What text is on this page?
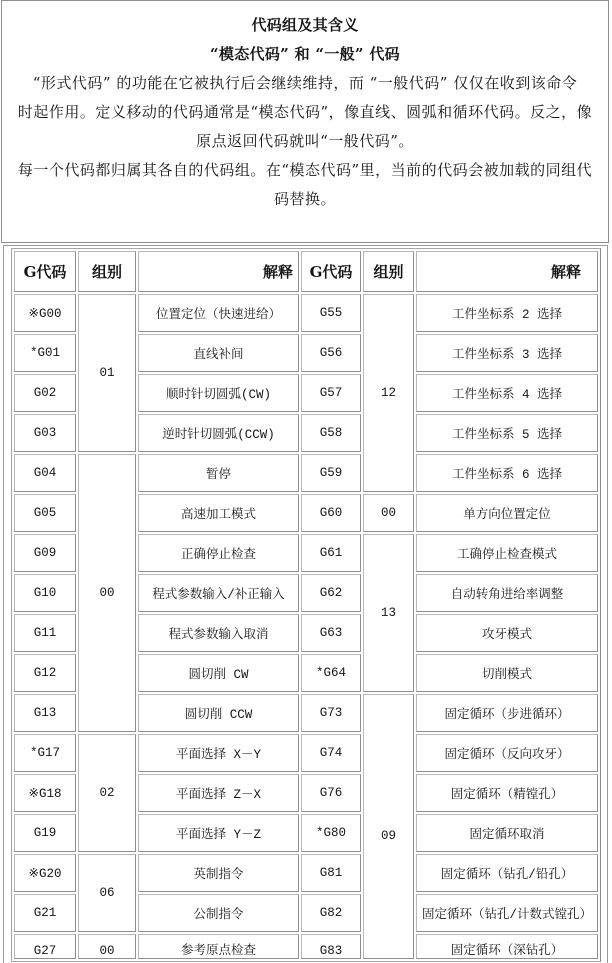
代码组及其含义
“模态代码” 和 “一般” 代码
“形式代码” 的功能在它被执行后会继续维持，而 “一般代码” 仅仅在收到该命令
时起作用。定义移动的代码通常是“模态代码”，像直线、圆弧和循环代码。反之，像
原点返回代码就叫“一般代码”。
每一个代码都归属其各自的代码组。在“模态代码”里，当前的代码会被加载的同组代
码替换。
G代码	组别	解释	G代码	组别	解释
※G00	01	位置定位（快速进给）	G55	12	工件坐标系 2 选择
*G01		直线补间	G56		工件坐标系 3 选择
G02		顺时针切圆弧(CW)	G57		工件坐标系 4 选择
G03		逆时针切圆弧(CCW)	G58		工件坐标系 5 选择
G04	00	暂停	G59		工件坐标系 6 选择
G05		高速加工模式	G60	00	单方向位置定位
G09		正确停止检查	G61	13	工确停止检查模式
G10		程式参数输入/补正输入	G62		自动转角进给率调整
G11		程式参数输入取消	G63		攻牙模式
G12		圆切削 CW	*G64		切削模式
G13		圆切削 CCW	G73	09	固定循环（步进循环）
*G17	02	平面选择 X－Y	G74		固定循环（反向攻牙）
※G18		平面选择 Z－X	G76		固定循环（精镗孔）
G19		平面选择 Y－Z	*G80		固定循环取消
※G20	06	英制指令	G81		固定循环（钻孔/铅孔）
G21		公制指令	G82		固定循环（钻孔/计数式镗孔）
G27	00	参考原点检查	G83		固定循环（深钻孔）
